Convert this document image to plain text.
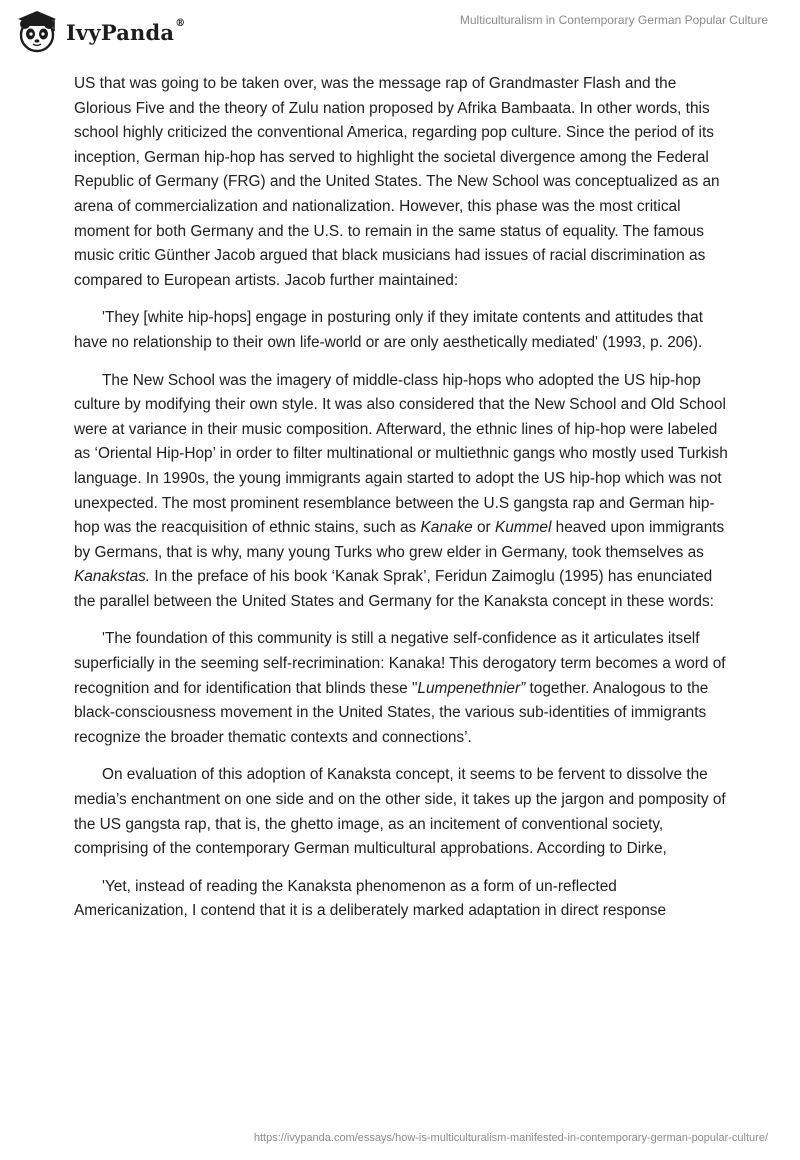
IvyPanda®	Multiculturalism in Contemporary German Popular Culture

US that was going to be taken over, was the message rap of Grandmaster Flash and the Glorious Five and the theory of Zulu nation proposed by Afrika Bambaata. In other words, this school highly criticized the conventional America, regarding pop culture. Since the period of its inception, German hip-hop has served to highlight the societal divergence among the Federal Republic of Germany (FRG) and the United States. The New School was conceptualized as an arena of commercialization and nationalization. However, this phase was the most critical moment for both Germany and the U.S. to remain in the same status of equality. The famous music critic Günther Jacob argued that black musicians had issues of racial discrimination as compared to European artists. Jacob further maintained:

'They [white hip-hops] engage in posturing only if they imitate contents and attitudes that have no relationship to their own life-world or are only aesthetically mediated' (1993, p. 206).

The New School was the imagery of middle-class hip-hops who adopted the US hip-hop culture by modifying their own style. It was also considered that the New School and Old School were at variance in their music composition. Afterward, the ethnic lines of hip-hop were labeled as ‘Oriental Hip-Hop’ in order to filter multinational or multiethnic gangs who mostly used Turkish language. In 1990s, the young immigrants again started to adopt the US hip-hop which was not unexpected. The most prominent resemblance between the U.S gangsta rap and German hip-hop was the reacquisition of ethnic stains, such as Kanake or Kummel heaved upon immigrants by Germans, that is why, many young Turks who grew elder in Germany, took themselves as Kanakstas. In the preface of his book ‘Kanak Sprak’, Feridun Zaimoglu (1995) has enunciated the parallel between the United States and Germany for the Kanaksta concept in these words:

'The foundation of this community is still a negative self-confidence as it articulates itself superficially in the seeming self-recrimination: Kanaka! This derogatory term becomes a word of recognition and for identification that blinds these "Lumpenethnier” together. Analogous to the black-consciousness movement in the United States, the various sub-identities of immigrants recognize the broader thematic contexts and connections’.

On evaluation of this adoption of Kanaksta concept, it seems to be fervent to dissolve the media’s enchantment on one side and on the other side, it takes up the jargon and pomposity of the US gangsta rap, that is, the ghetto image, as an incitement of conventional society, comprising of the contemporary German multicultural approbations. According to Dirke,

'Yet, instead of reading the Kanaksta phenomenon as a form of un-reflected Americanization, I contend that it is a deliberately marked adaptation in direct response

https://ivypanda.com/essays/how-is-multiculturalism-manifested-in-contemporary-german-popular-culture/
